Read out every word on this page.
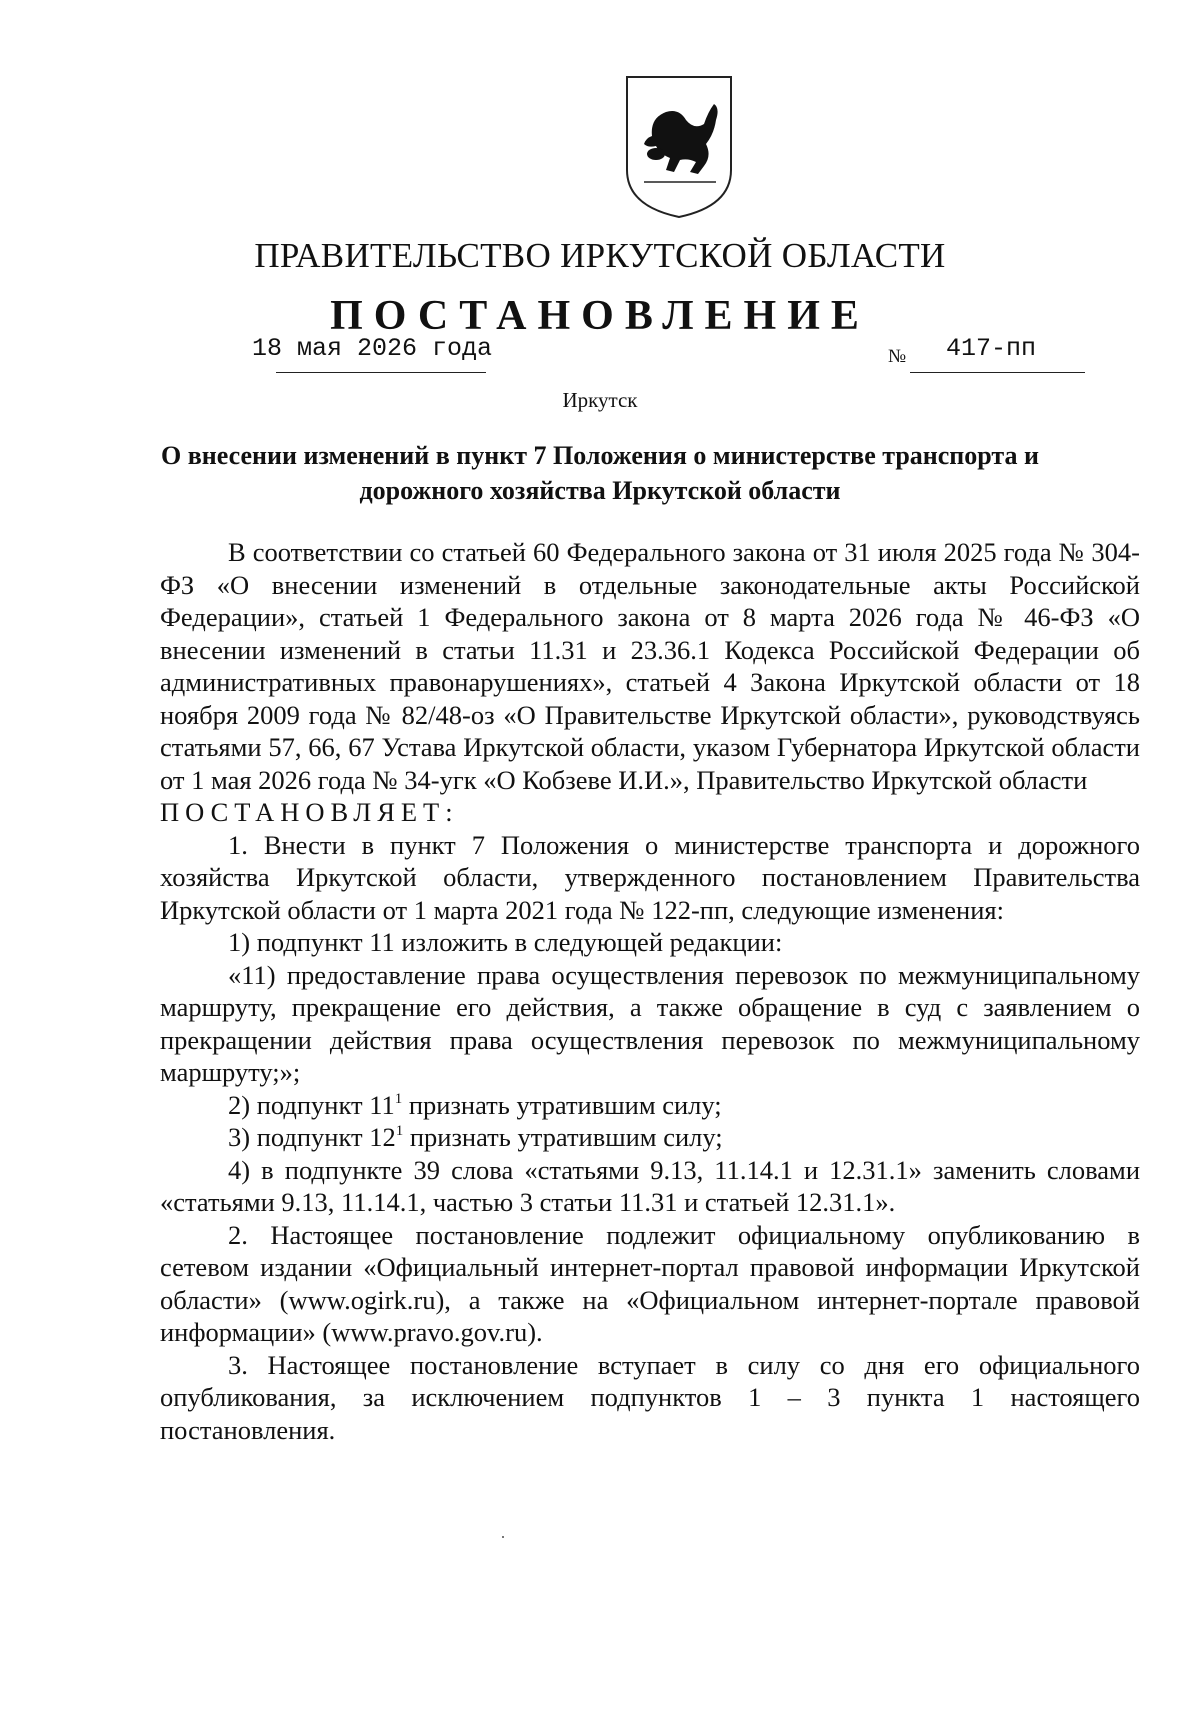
ПРАВИТЕЛЬСТВО ИРКУТСКОЙ ОБЛАСТИ
ПОСТАНОВЛЕНИЕ
18 мая 2026 года	№ 417-пп
Иркутск
О внесении изменений в пункт 7 Положения о министерстве транспорта и
дорожного хозяйства Иркутской области

В соответствии со статьей 60 Федерального закона от 31 июля 2025 года № 304-ФЗ «О внесении изменений в отдельные законодательные акты Российской Федерации», статьей 1 Федерального закона от 8 марта 2026 года № 46-ФЗ «О внесении изменений в статьи 11.31 и 23.36.1 Кодекса Российской Федерации об административных правонарушениях», статьей 4 Закона Иркутской области от 18 ноября 2009 года № 82/48-оз «О Правительстве Иркутской области», руководствуясь статьями 57, 66, 67 Устава Иркутской области, указом Губернатора Иркутской области от 1 мая 2026 года № 34-угк «О Кобзеве И.И.», Правительство Иркутской области

ПОСТАНОВЛЯЕТ:

1. Внести в пункт 7 Положения о министерстве транспорта и дорожного хозяйства Иркутской области, утвержденного постановлением Правительства Иркутской области от 1 марта 2021 года № 122-пп, следующие изменения:

1) подпункт 11 изложить в следующей редакции:

«11) предоставление права осуществления перевозок по межмуниципальному маршруту, прекращение его действия, а также обращение в суд с заявлением о прекращении действия права осуществления перевозок по межмуниципальному маршруту;»;

2) подпункт $11^1$ признать утратившим силу;

3) подпункт $12^1$ признать утратившим силу;

4) в подпункте 39 слова «статьями 9.13, 11.14.1 и 12.31.1» заменить словами «статьями 9.13, 11.14.1, частью 3 статьи 11.31 и статьей 12.31.1».

2. Настоящее постановление подлежит официальному опубликованию в сетевом издании «Официальный интернет-портал правовой информации Иркутской области» (www.ogirk.ru), а также на «Официальном интернет-портале правовой информации» (www.pravo.gov.ru).

3. Настоящее постановление вступает в силу со дня его официального опубликования, за исключением подпунктов 1 – 3 пункта 1 настоящего постановления.
